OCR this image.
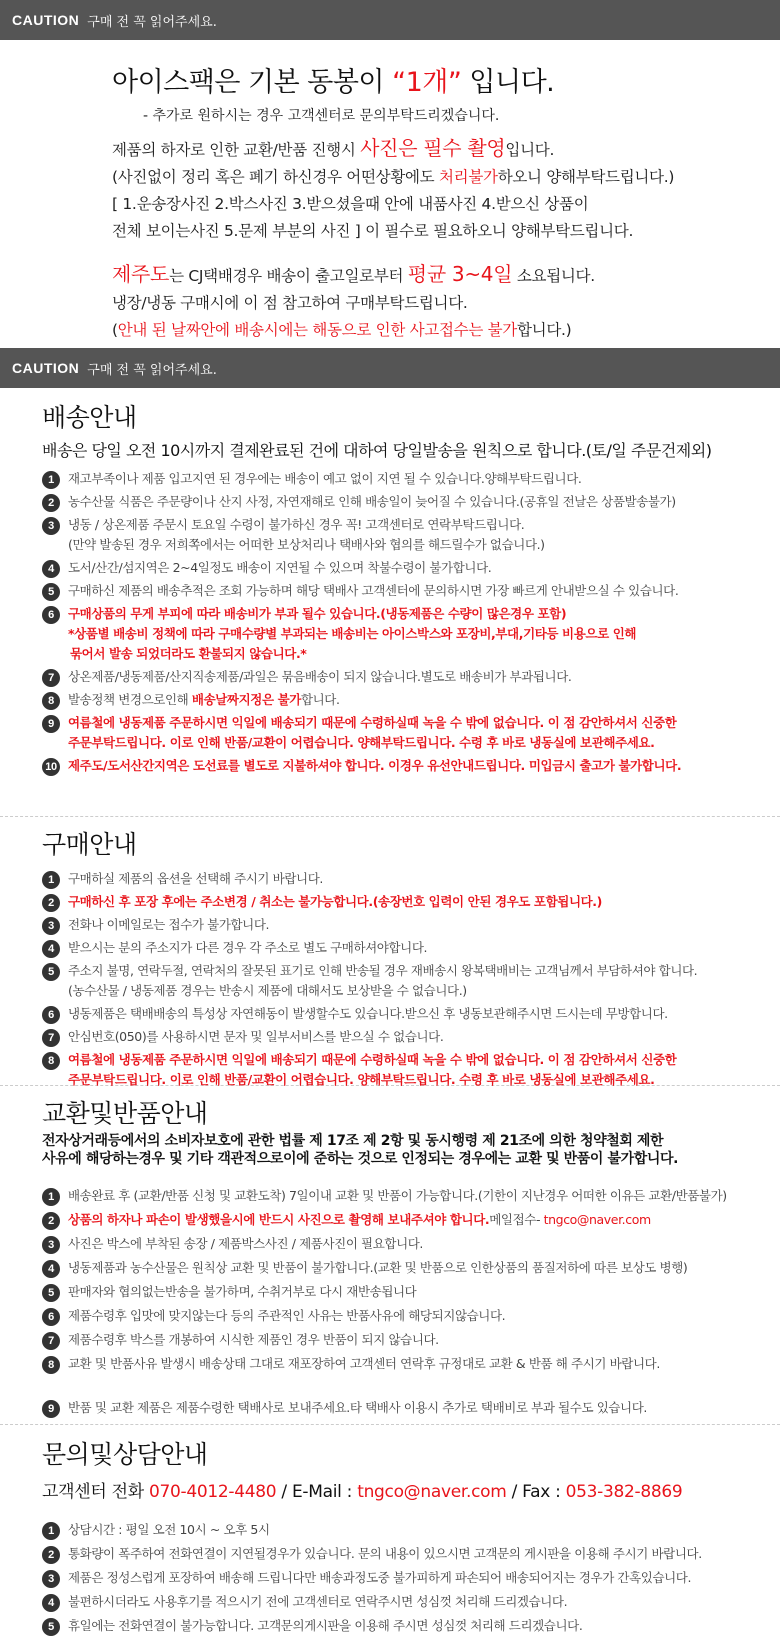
CAUTION 구매 전 꼭 읽어주세요.
아이스팩은 기본 동봉이 “1개” 입니다.
- 추가로 원하시는 경우 고객센터로 문의부탁드리겠습니다.
제품의 하자로 인한 교환/반품 진행시 사진은 필수 촬영입니다.
(사진없이 정리 혹은 폐기 하신경우 어떤상황에도 처리불가하오니 양해부탁드립니다.)
[ 1.운송장사진 2.박스사진 3.받으셨을때 안에 내품사진 4.받으신 상품이
전체 보이는사진 5.문제 부분의 사진 ] 이 필수로 필요하오니 양해부탁드립니다.
제주도는 CJ택배경우 배송이 출고일로부터 평균 3~4일 소요됩니다.
냉장/냉동 구매시에 이 점 참고하여 구매부탁드립니다.
(안내 된 날짜안에 배송시에는 해동으로 인한 사고접수는 불가합니다.)
CAUTION 구매 전 꼭 읽어주세요.
배송안내
배송은 당일 오전 10시까지 결제완료된 건에 대하여 당일발송을 원칙으로 합니다.(토/일 주문건제외)
1	재고부족이나 제품 입고지연 된 경우에는 배송이 예고 없이 지연 될 수 있습니다.양해부탁드립니다.
2	농수산물 식품은 주문량이나 산지 사정, 자연재해로 인해 배송일이 늦어질 수 있습니다.(공휴일 전날은 상품발송불가)
3	냉동 / 상온제품 주문시 토요일 수령이 불가하신 경우 꼭! 고객센터로 연락부탁드립니다.
(만약 발송된 경우 저희쪽에서는 어떠한 보상처리나 택배사와 협의를 해드릴수가 없습니다.)
4	도서/산간/섬지역은 2~4일정도 배송이 지연될 수 있으며 착불수령이 불가합니다.
5	구매하신 제품의 배송추적은 조회 가능하며 해당 택배사 고객센터에 문의하시면 가장 빠르게 안내받으실 수 있습니다.
6	구매상품의 무게 부피에 따라 배송비가 부과 될수 있습니다.(냉동제품은 수량이 많은경우 포함)
*상품별 배송비 정책에 따라 구매수량별 부과되는 배송비는 아이스박스와 포장비,부대,기타등 비용으로 인해
묶어서 발송 되었더라도 환불되지 않습니다.*
7	상온제품/냉동제품/산지직송제품/과일은 묶음배송이 되지 않습니다.별도로 배송비가 부과됩니다.
8	발송정책 변경으로인해 배송날짜지정은 불가합니다.
9	여름철에 냉동제품 주문하시면 익일에 배송되기 때문에 수령하실때 녹을 수 밖에 없습니다. 이 점 감안하셔서 신중한
주문부탁드립니다. 이로 인해 반품/교환이 어렵습니다. 양해부탁드립니다. 수령 후 바로 냉동실에 보관해주세요.
10 제주도/도서산간지역은 도선료를 별도로 지불하셔야 합니다. 이경우 유선안내드립니다. 미입금시 출고가 불가합니다.
구매안내
1	구매하실 제품의 옵션을 선택해 주시기 바랍니다.
2	구매하신 후 포장 후에는 주소변경 / 취소는 불가능합니다.(송장번호 입력이 안된 경우도 포함됩니다.)
3	전화나 이메일로는 접수가 불가합니다.
4	받으시는 분의 주소지가 다른 경우 각 주소로 별도 구매하셔야합니다.
5	주소지 불명, 연락두절, 연락처의 잘못된 표기로 인해 반송될 경우 재배송시 왕복택배비는 고객님께서 부담하셔야 합니다.
(농수산물 / 냉동제품 경우는 반송시 제품에 대해서도 보상받을 수 없습니다.)
6	냉동제품은 택배배송의 특성상 자연해동이 발생할수도 있습니다.받으신 후 냉동보관해주시면 드시는데 무방합니다.
7	안심번호(050)를 사용하시면 문자 및 일부서비스를 받으실 수 없습니다.
8	여름철에 냉동제품 주문하시면 익일에 배송되기 때문에 수령하실때 녹을 수 밖에 없습니다. 이 점 감안하셔서 신중한
주문부탁드립니다. 이로 인해 반품/교환이 어렵습니다. 양해부탁드립니다. 수령 후 바로 냉동실에 보관해주세요.
교환및반품안내
전자상거래등에서의 소비자보호에 관한 법률 제 17조 제 2항 및 동시행령 제 21조에 의한 청약철회 제한
사유에 해당하는경우 및 기타 객관적으로이에 준하는 것으로 인정되는 경우에는 교환 및 반품이 불가합니다.
1	배송완료 후 (교환/반품 신청 및 교환도착) 7일이내 교환 및 반품이 가능합니다.(기한이 지난경우 어떠한 이유든 교환/반품불가)
2	상품의 하자나 파손이 발생했을시에 반드시 사진으로 촬영해 보내주셔야 합니다.메일접수- tngco@naver.com
3	사진은 박스에 부착된 송장 / 제품박스사진 / 제품사진이 필요합니다.
4	냉동제품과 농수산물은 원칙상 교환 및 반품이 불가합니다.(교환 및 반품으로 인한상품의 품질저하에 따른 보상도 병행)
5	판매자와 협의없는반송을 불가하며, 수취거부로 다시 재반송됩니다
6	제품수령후 입맛에 맞지않는다 등의 주관적인 사유는 반품사유에 해당되지않습니다.
7	제품수령후 박스를 개봉하여 시식한 제품인 경우 반품이 되지 않습니다.
8	교환 및 반품사유 발생시 배송상태 그대로 재포장하여 고객센터 연락후 규정대로 교환 & 반품 해 주시기 바랍니다.
9	반품 및 교환 제품은 제품수령한 택배사로 보내주세요.타 택배사 이용시 추가로 택배비로 부과 될수도 있습니다.
문의및상담안내
고객센터 전화 070-4012-4480 / E-Mail : tngco@naver.com / Fax : 053-382-8869
1	상담시간 : 평일 오전 10시 ~ 오후 5시
2	통화량이 폭주하여 전화연결이 지연될경우가 있습니다. 문의 내용이 있으시면 고객문의 게시판을 이용해 주시기 바랍니다.
3	제품은 정성스럽게 포장하여 배송해 드립니다만 배송과정도중 불가피하게 파손되어 배송되어지는 경우가 간혹있습니다.
4	불편하시더라도 사용후기를 적으시기 전에 고객센터로 연락주시면 성심껏 처리해 드리겠습니다.
5	휴일에는 전화연결이 불가능합니다. 고객문의게시판을 이용해 주시면 성심껏 처리해 드리겠습니다.
